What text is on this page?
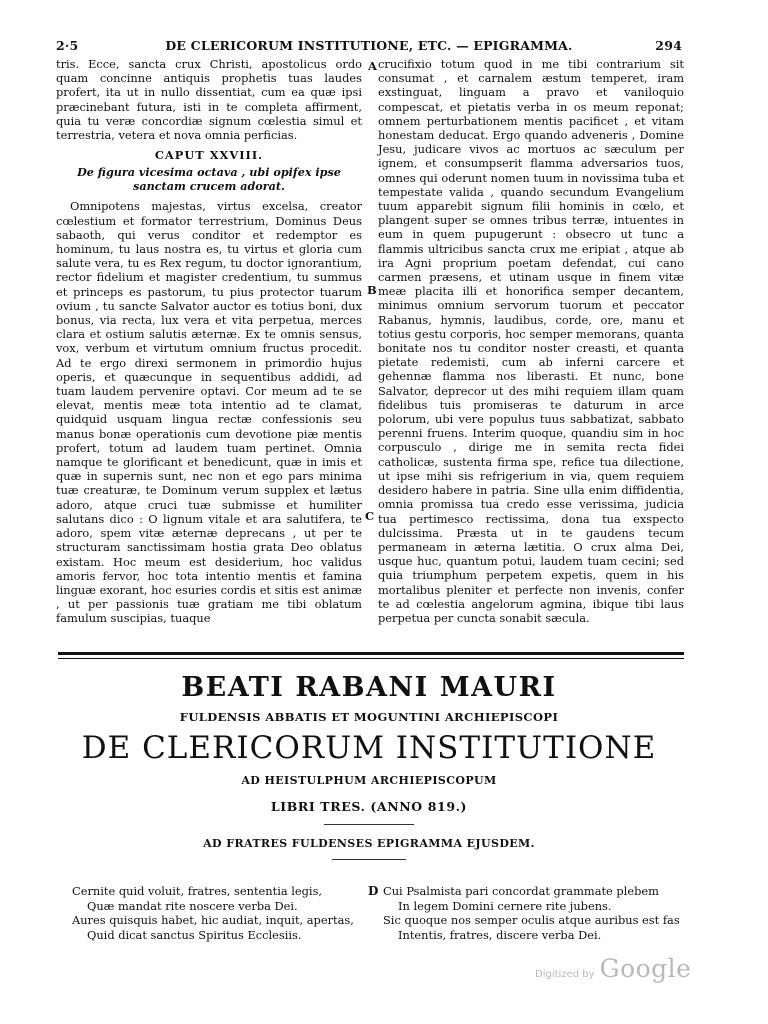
2·5	DE CLERICORUM INSTITUTIONE, ETC. — EPIGRAMMA.	294

tris. Ecce, sancta crux Christi, apostolicus ordo quam concinne antiquis prophetis tuas laudes profert, ita ut in nullo dissentiat, cum ea quæ ipsi præcinebant futura, isti in te completa affirment, quia tu veræ concordiæ signum cœlestia simul et terrestria, vetera et nova omnia perficias.

CAPUT XXVIII.
De figura vicesima octava , ubi opifex ipse sanctam crucem adorat.

Omnipotens majestas, virtus excelsa, creator cœlestium et formator terrestrium, Dominus Deus sabaoth, qui verus conditor et redemptor es hominum, tu laus nostra es, tu virtus et gloria cum salute vera, tu es Rex regum, tu doctor ignorantium, rector fidelium et magister credentium, tu summus et princeps es pastorum, tu pius protector tuarum ovium , tu sancte Salvator auctor es totius boni, dux bonus, via recta, lux vera et vita perpetua, merces clara et ostium salutis æternæ. Ex te omnis sensus, vox, verbum et virtutum omnium fructus procedit. Ad te ergo direxi sermonem in primordio hujus operis, et quæcunque in sequentibus addidi, ad tuam laudem pervenire optavi. Cor meum ad te se elevat, mentis meæ tota intentio ad te clamat, quidquid usquam lingua rectæ confessionis seu manus bonæ operationis cum devotione piæ mentis profert, totum ad laudem tuam pertinet. Omnia namque te glorificant et benedicunt, quæ in imis et quæ in supernis sunt, nec non et ego pars minima tuæ creaturæ, te Dominum verum supplex et lætus adoro, atque cruci tuæ submisse et humiliter salutans dico : O lignum vitale et ara salutifera, te adoro, spem vitæ æternæ deprecans , ut per te structuram sanctissimam hostia grata Deo oblatus existam. Hoc meum est desiderium, hoc validus amoris fervor, hoc tota intentio mentis et famina linguæ exorant, hoc esuries cordis et sitis est animæ , ut per passionis tuæ gratiam me tibi oblatum famulum suscipias, tuaque

A
B
C

crucifixio totum quod in me tibi contrarium sit consumat , et carnalem æstum temperet, iram exstinguat, linguam a pravo et vaniloquio compescat, et pietatis verba in os meum reponat; omnem perturbationem mentis pacificet , et vitam honestam deducat. Ergo quando adveneris , Domine Jesu, judicare vivos ac mortuos ac sæculum per ignem, et consumpserit flamma adversarios tuos, omnes qui oderunt nomen tuum in novissima tuba et tempestate valida , quando secundum Evangelium tuum apparebit signum filii hominis in cœlo, et plangent super se omnes tribus terræ, intuentes in eum in quem pupugerunt : obsecro ut tunc a flammis ultricibus sancta crux me eripiat , atque ab ira Agni proprium poetam defendat, cui cano carmen præsens, et utinam usque in finem vitæ meæ placita illi et honorifica semper decantem, minimus omnium servorum tuorum et peccator Rabanus, hymnis, laudibus, corde, ore, manu et totius gestu corporis, hoc semper memorans, quanta bonitate nos tu conditor noster creasti, et quanta pietate redemisti, cum ab inferni carcere et gehennæ flamma nos liberasti. Et nunc, bone Salvator, deprecor ut des mihi requiem illam quam fidelibus tuis promiseras te daturum in arce polorum, ubi vere populus tuus sabbatizat, sabbato perenni fruens. Interim quoque, quandiu sim in hoc corpusculo , dirige me in semita recta fidei catholicæ, sustenta firma spe, refice tua dilectione, ut ipse mihi sis refrigerium in via, quem requiem desidero habere in patria. Sine ulla enim diffidentia, omnia promissa tua credo esse verissima, judicia tua pertimesco rectissima, dona tua exspecto dulcissima. Præsta ut in te gaudens tecum permaneam in æterna lætitia. O crux alma Dei, usque huc, quantum potui, laudem tuam cecini; sed quia triumphum perpetem expetis, quem in his mortalibus pleniter et perfecte non invenis, confer te ad cœlestia angelorum agmina, ibique tibi laus perpetua per cuncta sonabit sæcula.

BEATI RABANI MAURI
FULDENSIS ABBATIS ET MOGUNTINI ARCHIEPISCOPI
DE CLERICORUM INSTITUTIONE
AD HEISTULPHUM ARCHIEPISCOPUM
LIBRI TRES. (ANNO 819.)
AD FRATRES FULDENSES EPIGRAMMA EJUSDEM.
Cernite quid voluit, fratres, sententia legis,
Quæ mandat rite noscere verba Dei.
Aures quisquis habet, hic audiat, inquit, apertas,
Quid dicat sanctus Spiritus Ecclesiis.
D Cui Psalmista pari concordat grammate plebem
In legem Domini cernere rite jubens.
Sic quoque nos semper oculis atque auribus est fas
Intentis, fratres, discere verba Dei.
Digitized by Google
